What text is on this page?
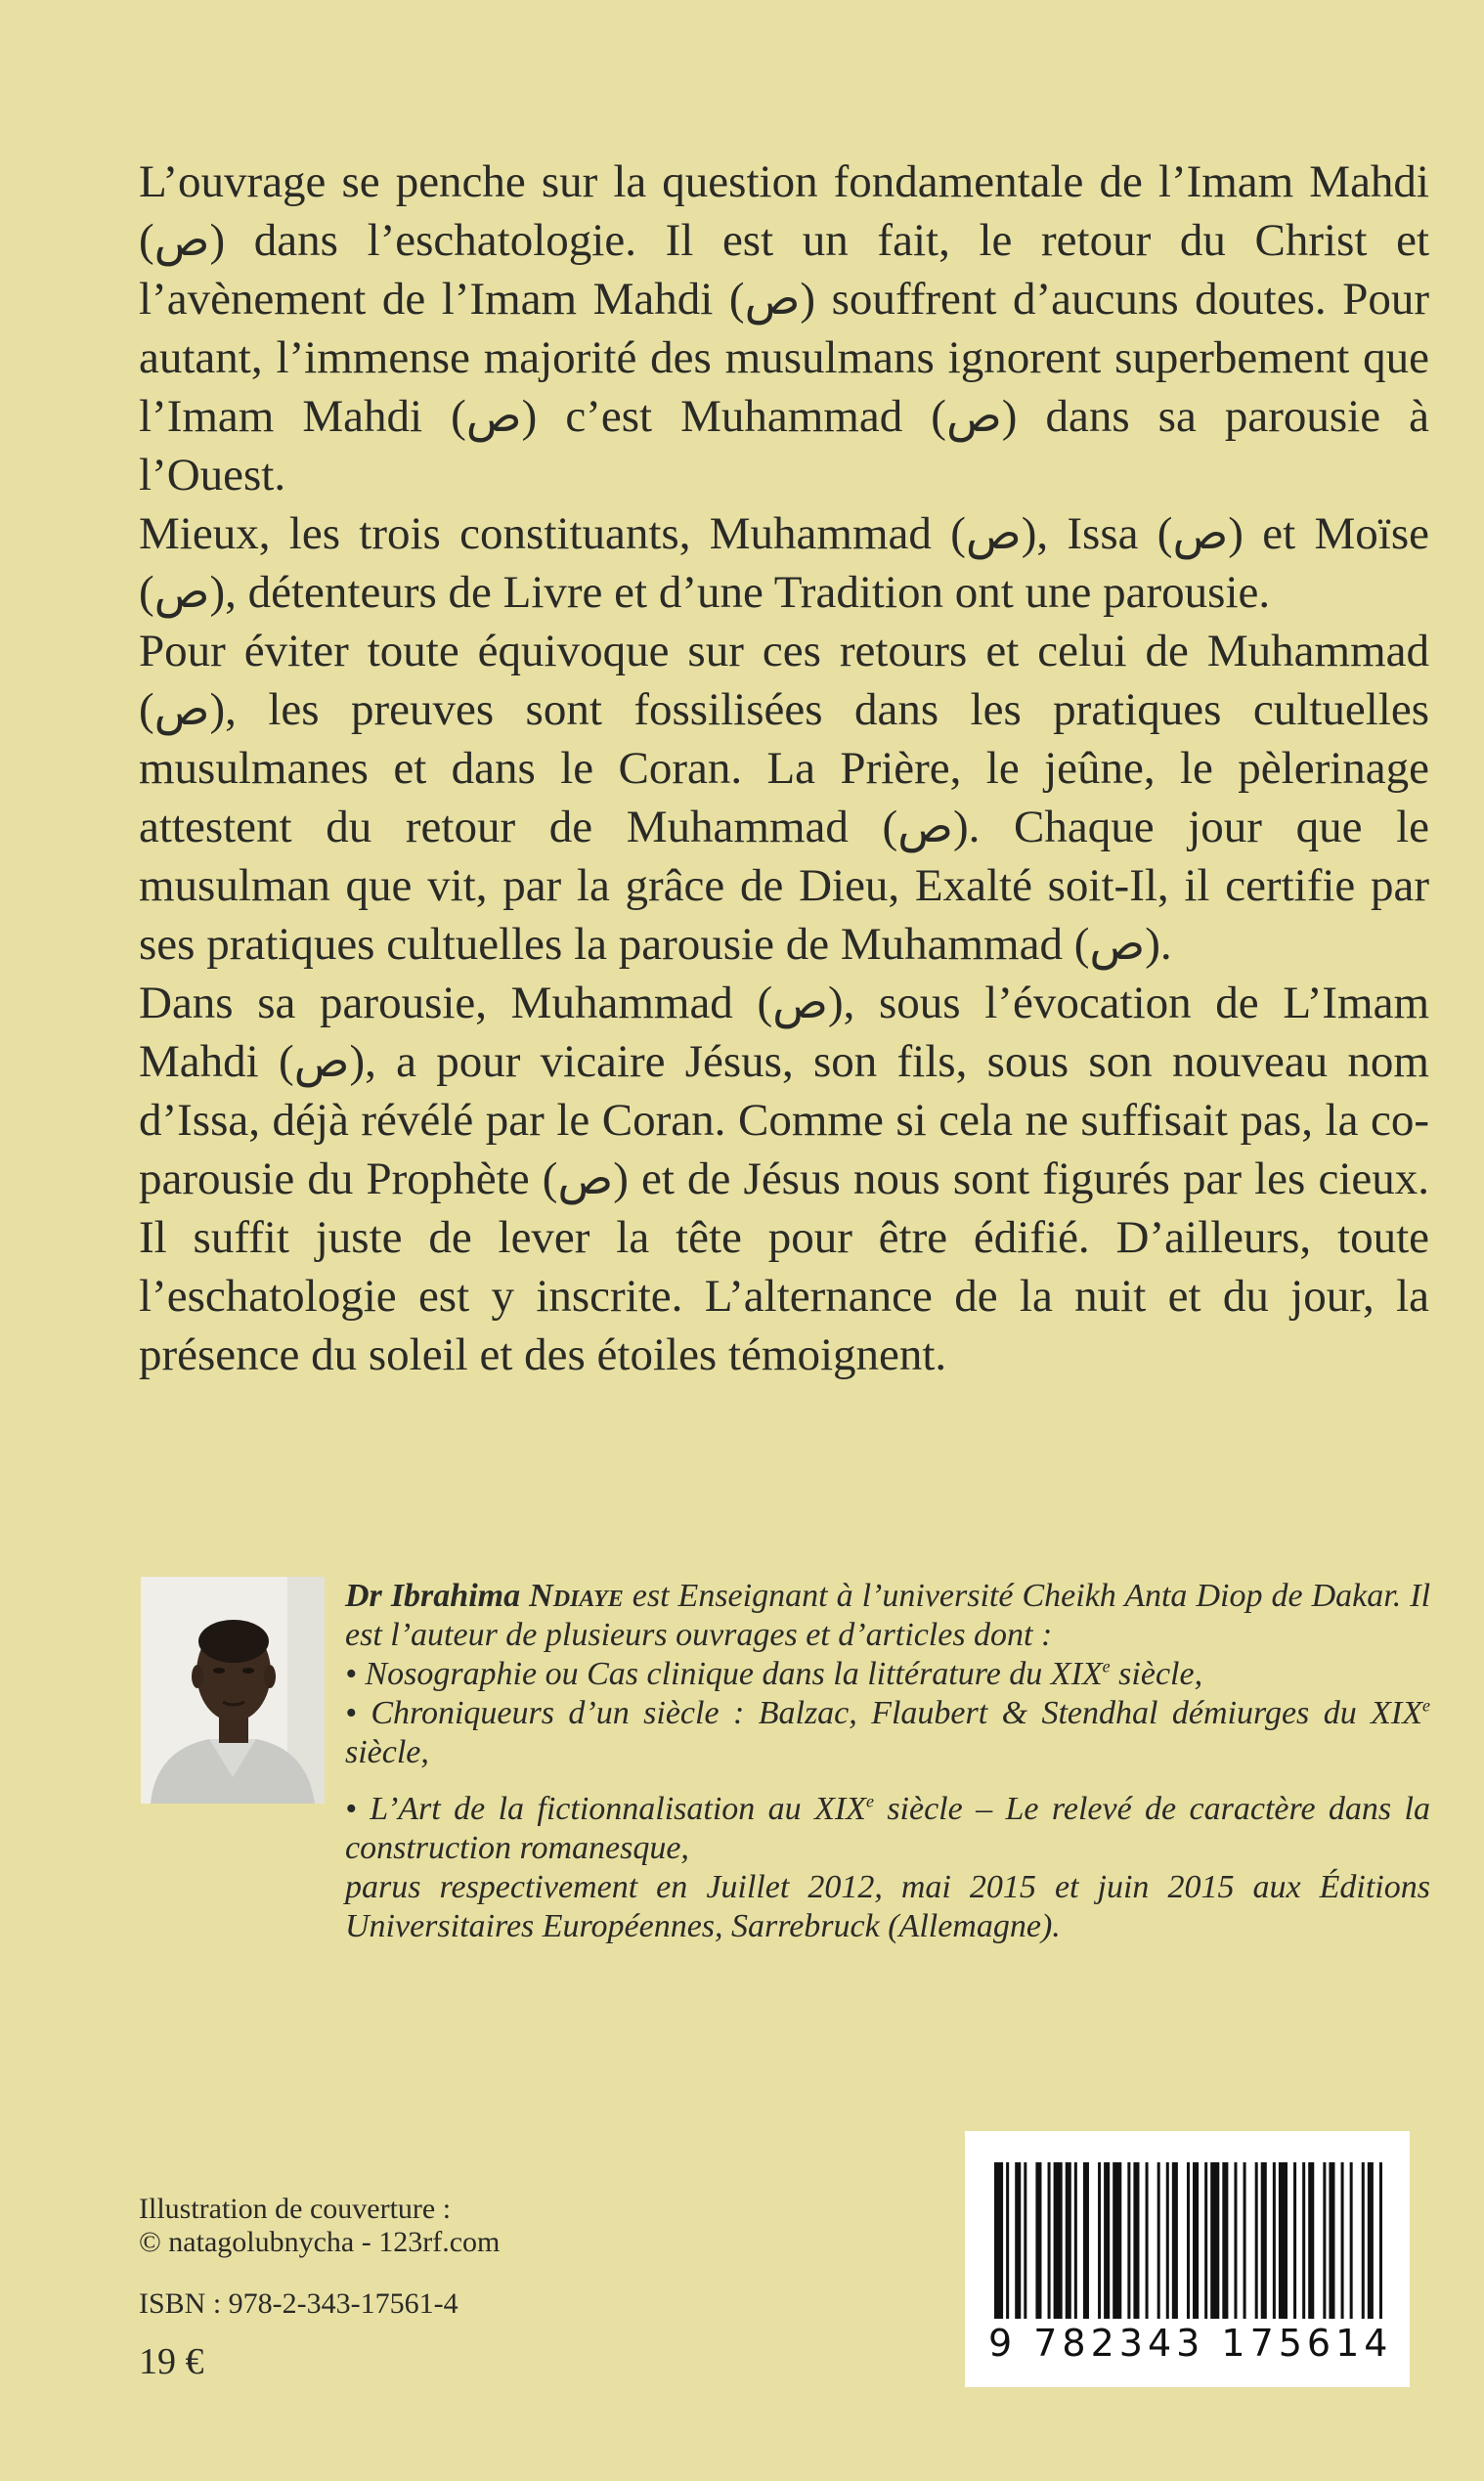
L’ouvrage se penche sur la question fondamentale de l’Imam Mahdi (ص) dans l’eschatologie. Il est un fait, le retour du Christ et l’avènement de l’Imam Mahdi (ص) souffrent d’aucuns doutes. Pour autant, l’immense majorité des musulmans ignorent superbement que l’Imam Mahdi (ص) c’est Muhammad (ص) dans sa parousie à l’Ouest.

Mieux, les trois constituants, Muhammad (ص), Issa (ص) et Moïse (ص), détenteurs de Livre et d’une Tradition ont une parousie.

Pour éviter toute équivoque sur ces retours et celui de Muhammad (ص), les preuves sont fossilisées dans les pratiques cultuelles musulmanes et dans le Coran. La Prière, le jeûne, le pèlerinage attestent du retour de Muhammad (ص). Chaque jour que le musulman que vit, par la grâce de Dieu, Exalté soit-Il, il certifie par ses pratiques cultuelles la parousie de Muhammad (ص).

Dans sa parousie, Muhammad (ص), sous l’évocation de L’Imam Mahdi (ص), a pour vicaire Jésus, son fils, sous son nouveau nom d’Issa, déjà révélé par le Coran. Comme si cela ne suffisait pas, la co-parousie du Prophète (ص) et de Jésus nous sont figurés par les cieux. Il suffit juste de lever la tête pour être édifié. D’ailleurs, toute l’eschatologie est y inscrite. L’alternance de la nuit et du jour, la présence du soleil et des étoiles témoignent.

Dr Ibrahima Ndiaye est Enseignant à l’université Cheikh Anta Diop de Dakar. Il est l’auteur de plusieurs ouvrages et d’articles dont :

• Nosographie ou Cas clinique dans la littérature du XIXe siècle,

• Chroniqueurs d’un siècle : Balzac, Flaubert & Stendhal démiurges du XIXe siècle,

• L’Art de la fictionnalisation au XIXe siècle – Le relevé de caractère dans la construction romanesque,

parus respectivement en Juillet 2012, mai 2015 et juin 2015 aux Éditions Universitaires Européennes, Sarrebruck (Allemagne).

Illustration de couverture :

© natagolubnycha - 123rf.com

ISBN : 978-2-343-17561-4
19 €	9 782343 175614
